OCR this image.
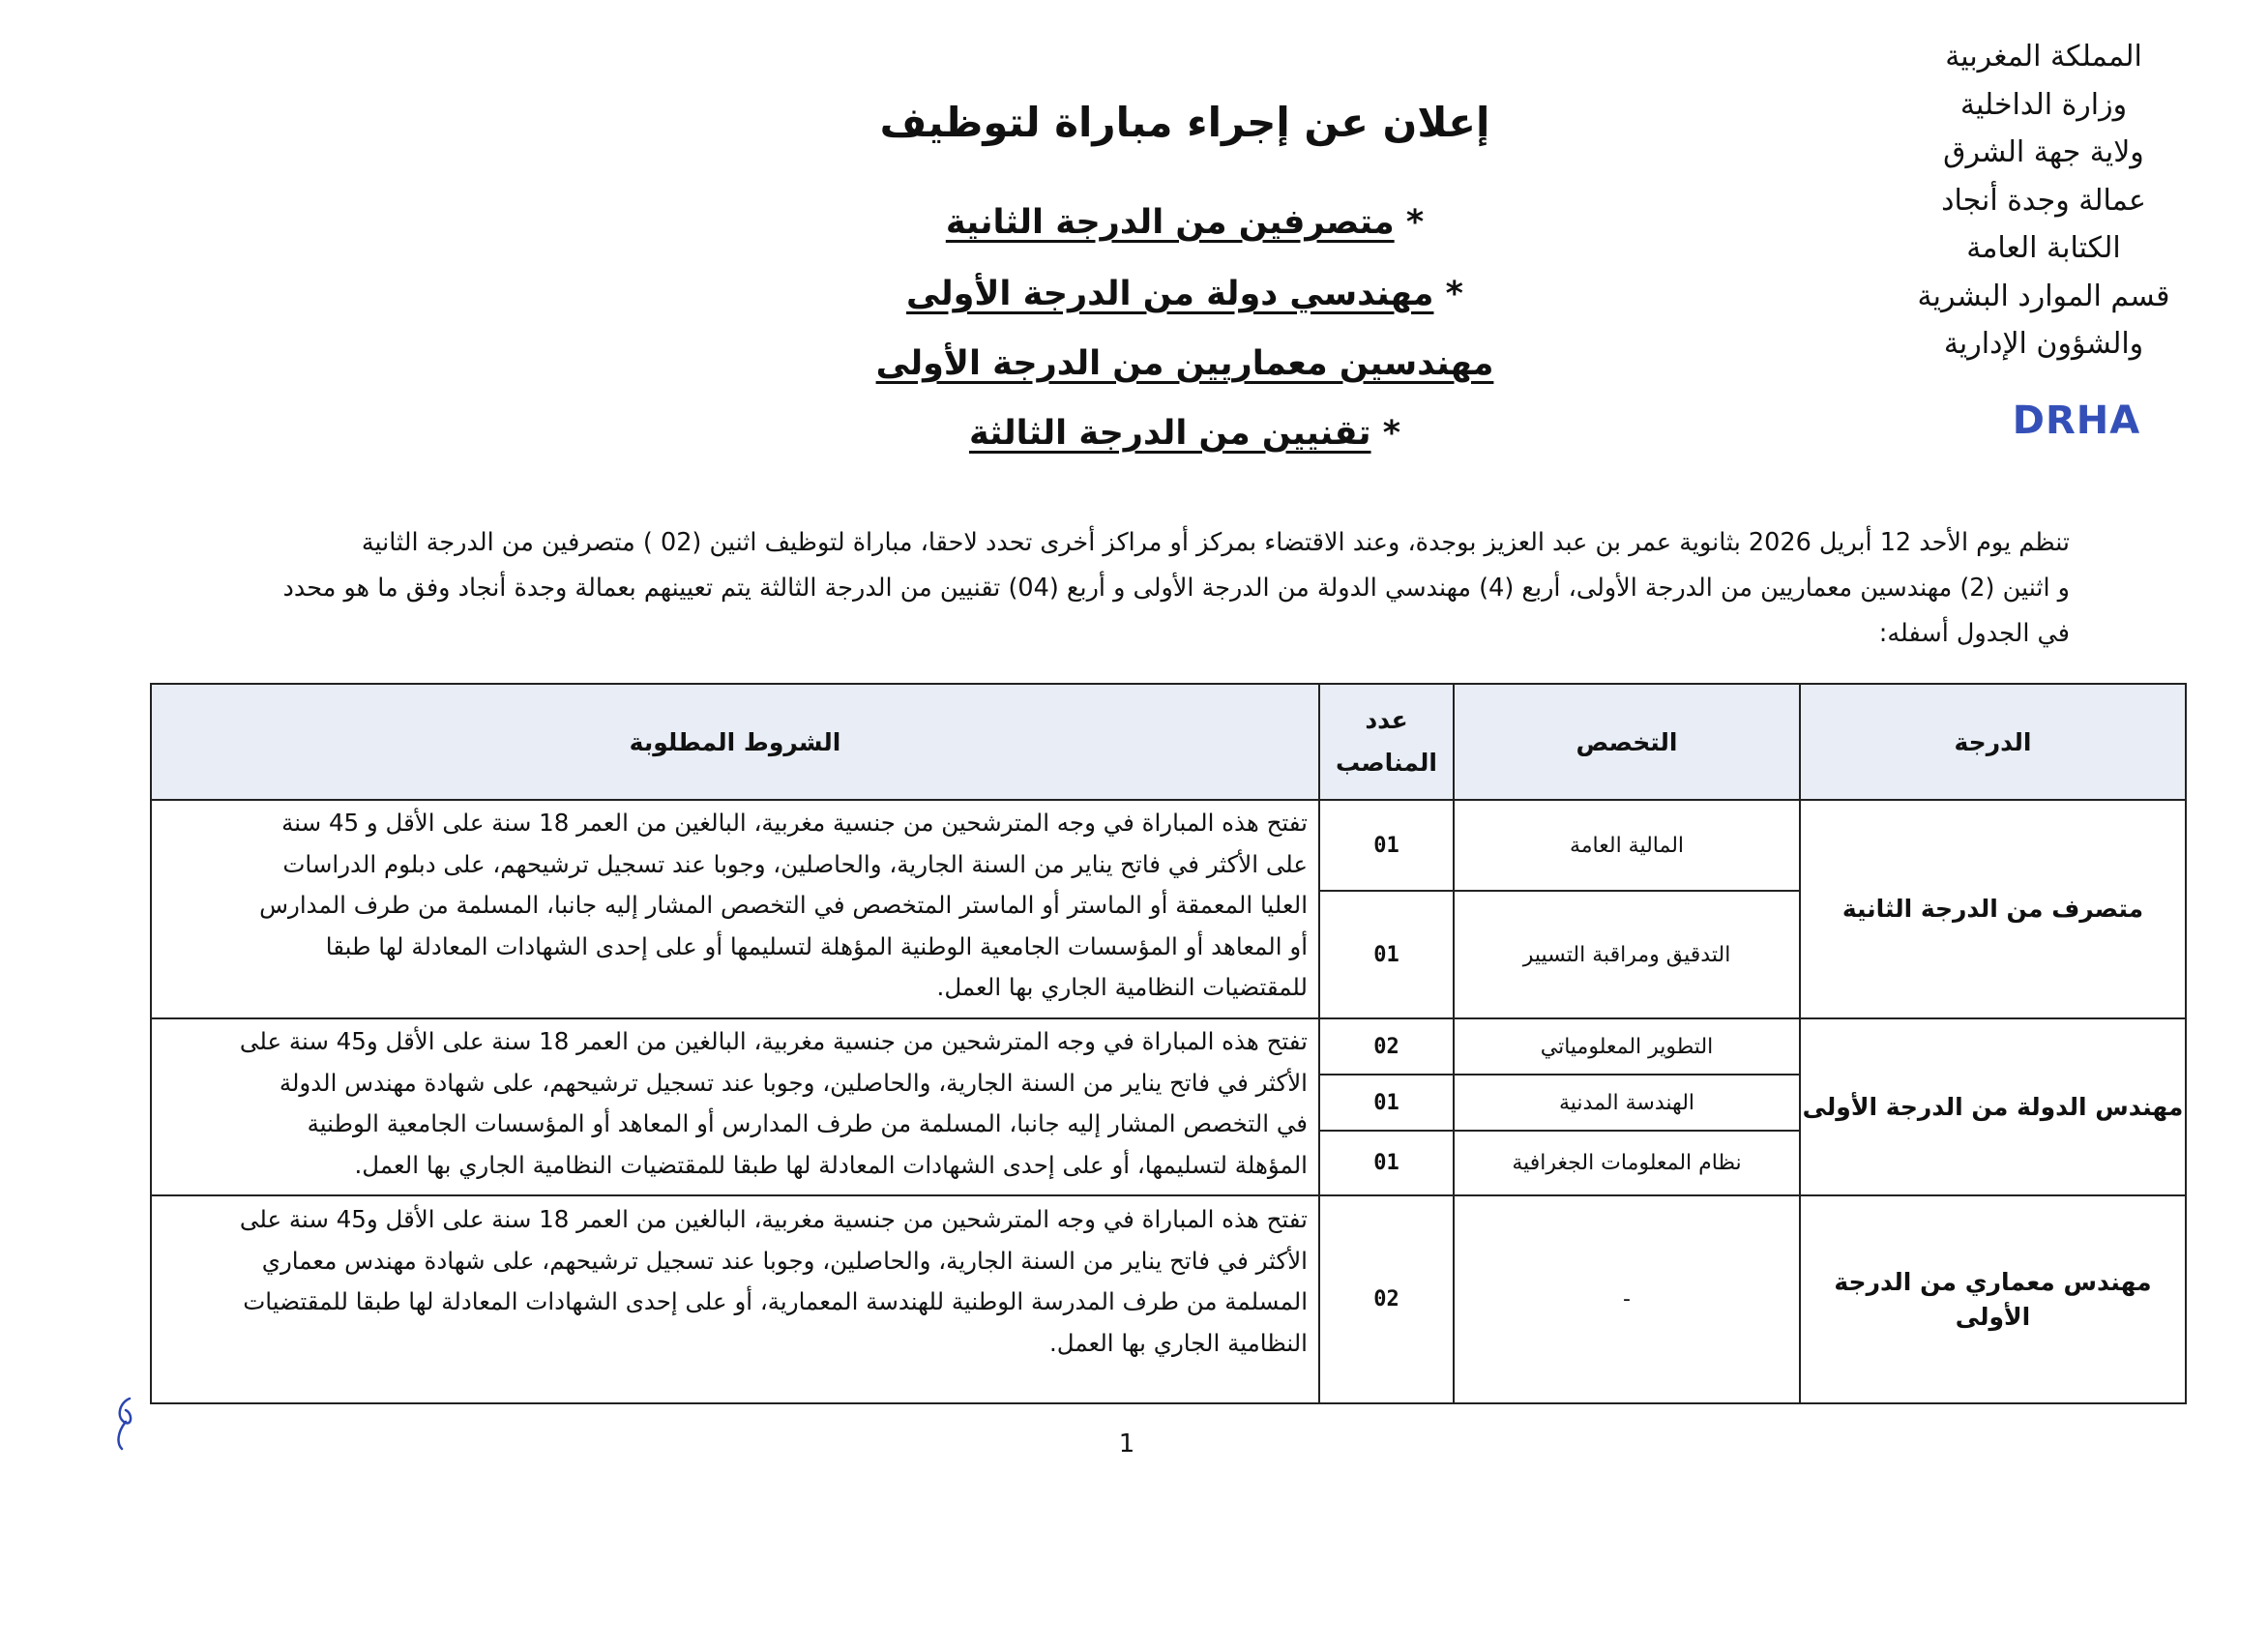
المملكة المغربية
وزارة الداخلية
ولاية جهة الشرق
عمالة وجدة أنجاد
الكتابة العامة
قسم الموارد البشرية
والشؤون الإدارية
DRHA
إعلان عن إجراء مباراة لتوظيف
* متصرفين من الدرجة الثانية
* مهندسي دولة من الدرجة الأولى
مهندسين معماريين من الدرجة الأولى
* تقنيين من الدرجة الثالثة
تنظم يوم الأحد 12 أبريل 2026 بثانوية عمر بن عبد العزيز بوجدة، وعند الاقتضاء بمركز أو مراكز أخرى تحدد لاحقا، مباراة لتوظيف اثنين (02 ) متصرفين من الدرجة الثانية
و اثنين (2) مهندسين معماريين من الدرجة الأولى، أربع (4) مهندسي الدولة من الدرجة الأولى و أربع (04) تقنيين من الدرجة الثالثة يتم تعيينهم بعمالة وجدة أنجاد وفق ما هو محدد
في الجدول أسفله:
الدرجة
التخصص
عدد
المناصب
الشروط المطلوبة
متصرف من الدرجة الثانية
المالية العامة
01
التدقيق ومراقبة التسيير
01
تفتح هذه المباراة في وجه المترشحين من جنسية مغربية، البالغين من العمر 18 سنة على الأقل و 45 سنة
على الأكثر في فاتح يناير من السنة الجارية، والحاصلين، وجوبا عند تسجيل ترشيحهم، على دبلوم الدراسات
العليا المعمقة أو الماستر أو الماستر المتخصص في التخصص المشار إليه جانبا، المسلمة من طرف المدارس
أو المعاهد أو المؤسسات الجامعية الوطنية المؤهلة لتسليمها أو على إحدى الشهادات المعادلة لها طبقا
للمقتضيات النظامية الجاري بها العمل.
مهندس الدولة من الدرجة الأولى
التطوير المعلومياتي
02
الهندسة المدنية
01
نظام المعلومات الجغرافية
01
تفتح هذه المباراة في وجه المترشحين من جنسية مغربية، البالغين من العمر 18 سنة على الأقل و45 سنة على
الأكثر في فاتح يناير من السنة الجارية، والحاصلين، وجوبا عند تسجيل ترشيحهم، على شهادة مهندس الدولة
في التخصص المشار إليه جانبا، المسلمة من طرف المدارس أو المعاهد أو المؤسسات الجامعية الوطنية
المؤهلة لتسليمها، أو على إحدى الشهادات المعادلة لها طبقا للمقتضيات النظامية الجاري بها العمل.
مهندس معماري من الدرجة
الأولى
-
02
تفتح هذه المباراة في وجه المترشحين من جنسية مغربية، البالغين من العمر 18 سنة على الأقل و45 سنة على
الأكثر في فاتح يناير من السنة الجارية، والحاصلين، وجوبا عند تسجيل ترشيحهم، على شهادة مهندس معماري
المسلمة من طرف المدرسة الوطنية للهندسة المعمارية، أو على إحدى الشهادات المعادلة لها طبقا للمقتضيات
النظامية الجاري بها العمل.
1
